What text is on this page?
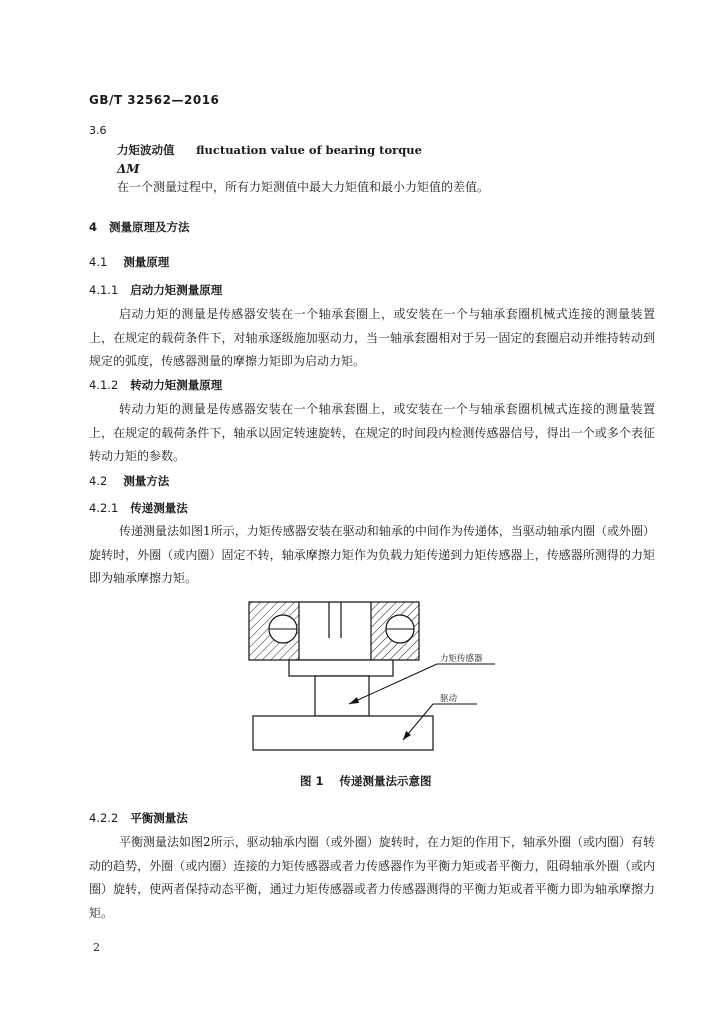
GB/T 32562—2016
3.6
力矩波动值 fluctuation value of bearing torque
ΔM
在一个测量过程中，所有力矩测值中最大力矩值和最小力矩值的差值。
4 测量原理及方法
4.1 测量原理
4.1.1 启动力矩测量原理

启动力矩的测量是传感器安装在一个轴承套圈上，或安装在一个与轴承套圈机械式连接的测量装置上，在规定的载荷条件下，对轴承逐级施加驱动力，当一轴承套圈相对于另一固定的套圈启动并维持转动到规定的弧度，传感器测量的摩擦力矩即为启动力矩。

4.1.2 转动力矩测量原理

转动力矩的测量是传感器安装在一个轴承套圈上，或安装在一个与轴承套圈机械式连接的测量装置上，在规定的载荷条件下，轴承以固定转速旋转，在规定的时间段内检测传感器信号，得出一个或多个表征转动力矩的参数。

4.2 测量方法
4.2.1 传递测量法

传递测量法如图1所示，力矩传感器安装在驱动和轴承的中间作为传递体，当驱动轴承内圈（或外圈）旋转时，外圈（或内圈）固定不转，轴承摩擦力矩作为负载力矩传递到力矩传感器上，传感器所测得的力矩即为轴承摩擦力矩。

力矩传感器
驱动
图 1    传递测量法示意图
4.2.2 平衡测量法

平衡测量法如图2所示，驱动轴承内圈（或外圈）旋转时，在力矩的作用下，轴承外圈（或内圈）有转动的趋势，外圈（或内圈）连接的力矩传感器或者力传感器作为平衡力矩或者平衡力，阻碍轴承外圈（或内圈）旋转，使两者保持动态平衡，通过力矩传感器或者力传感器测得的平衡力矩或者平衡力即为轴承摩擦力矩。

2
